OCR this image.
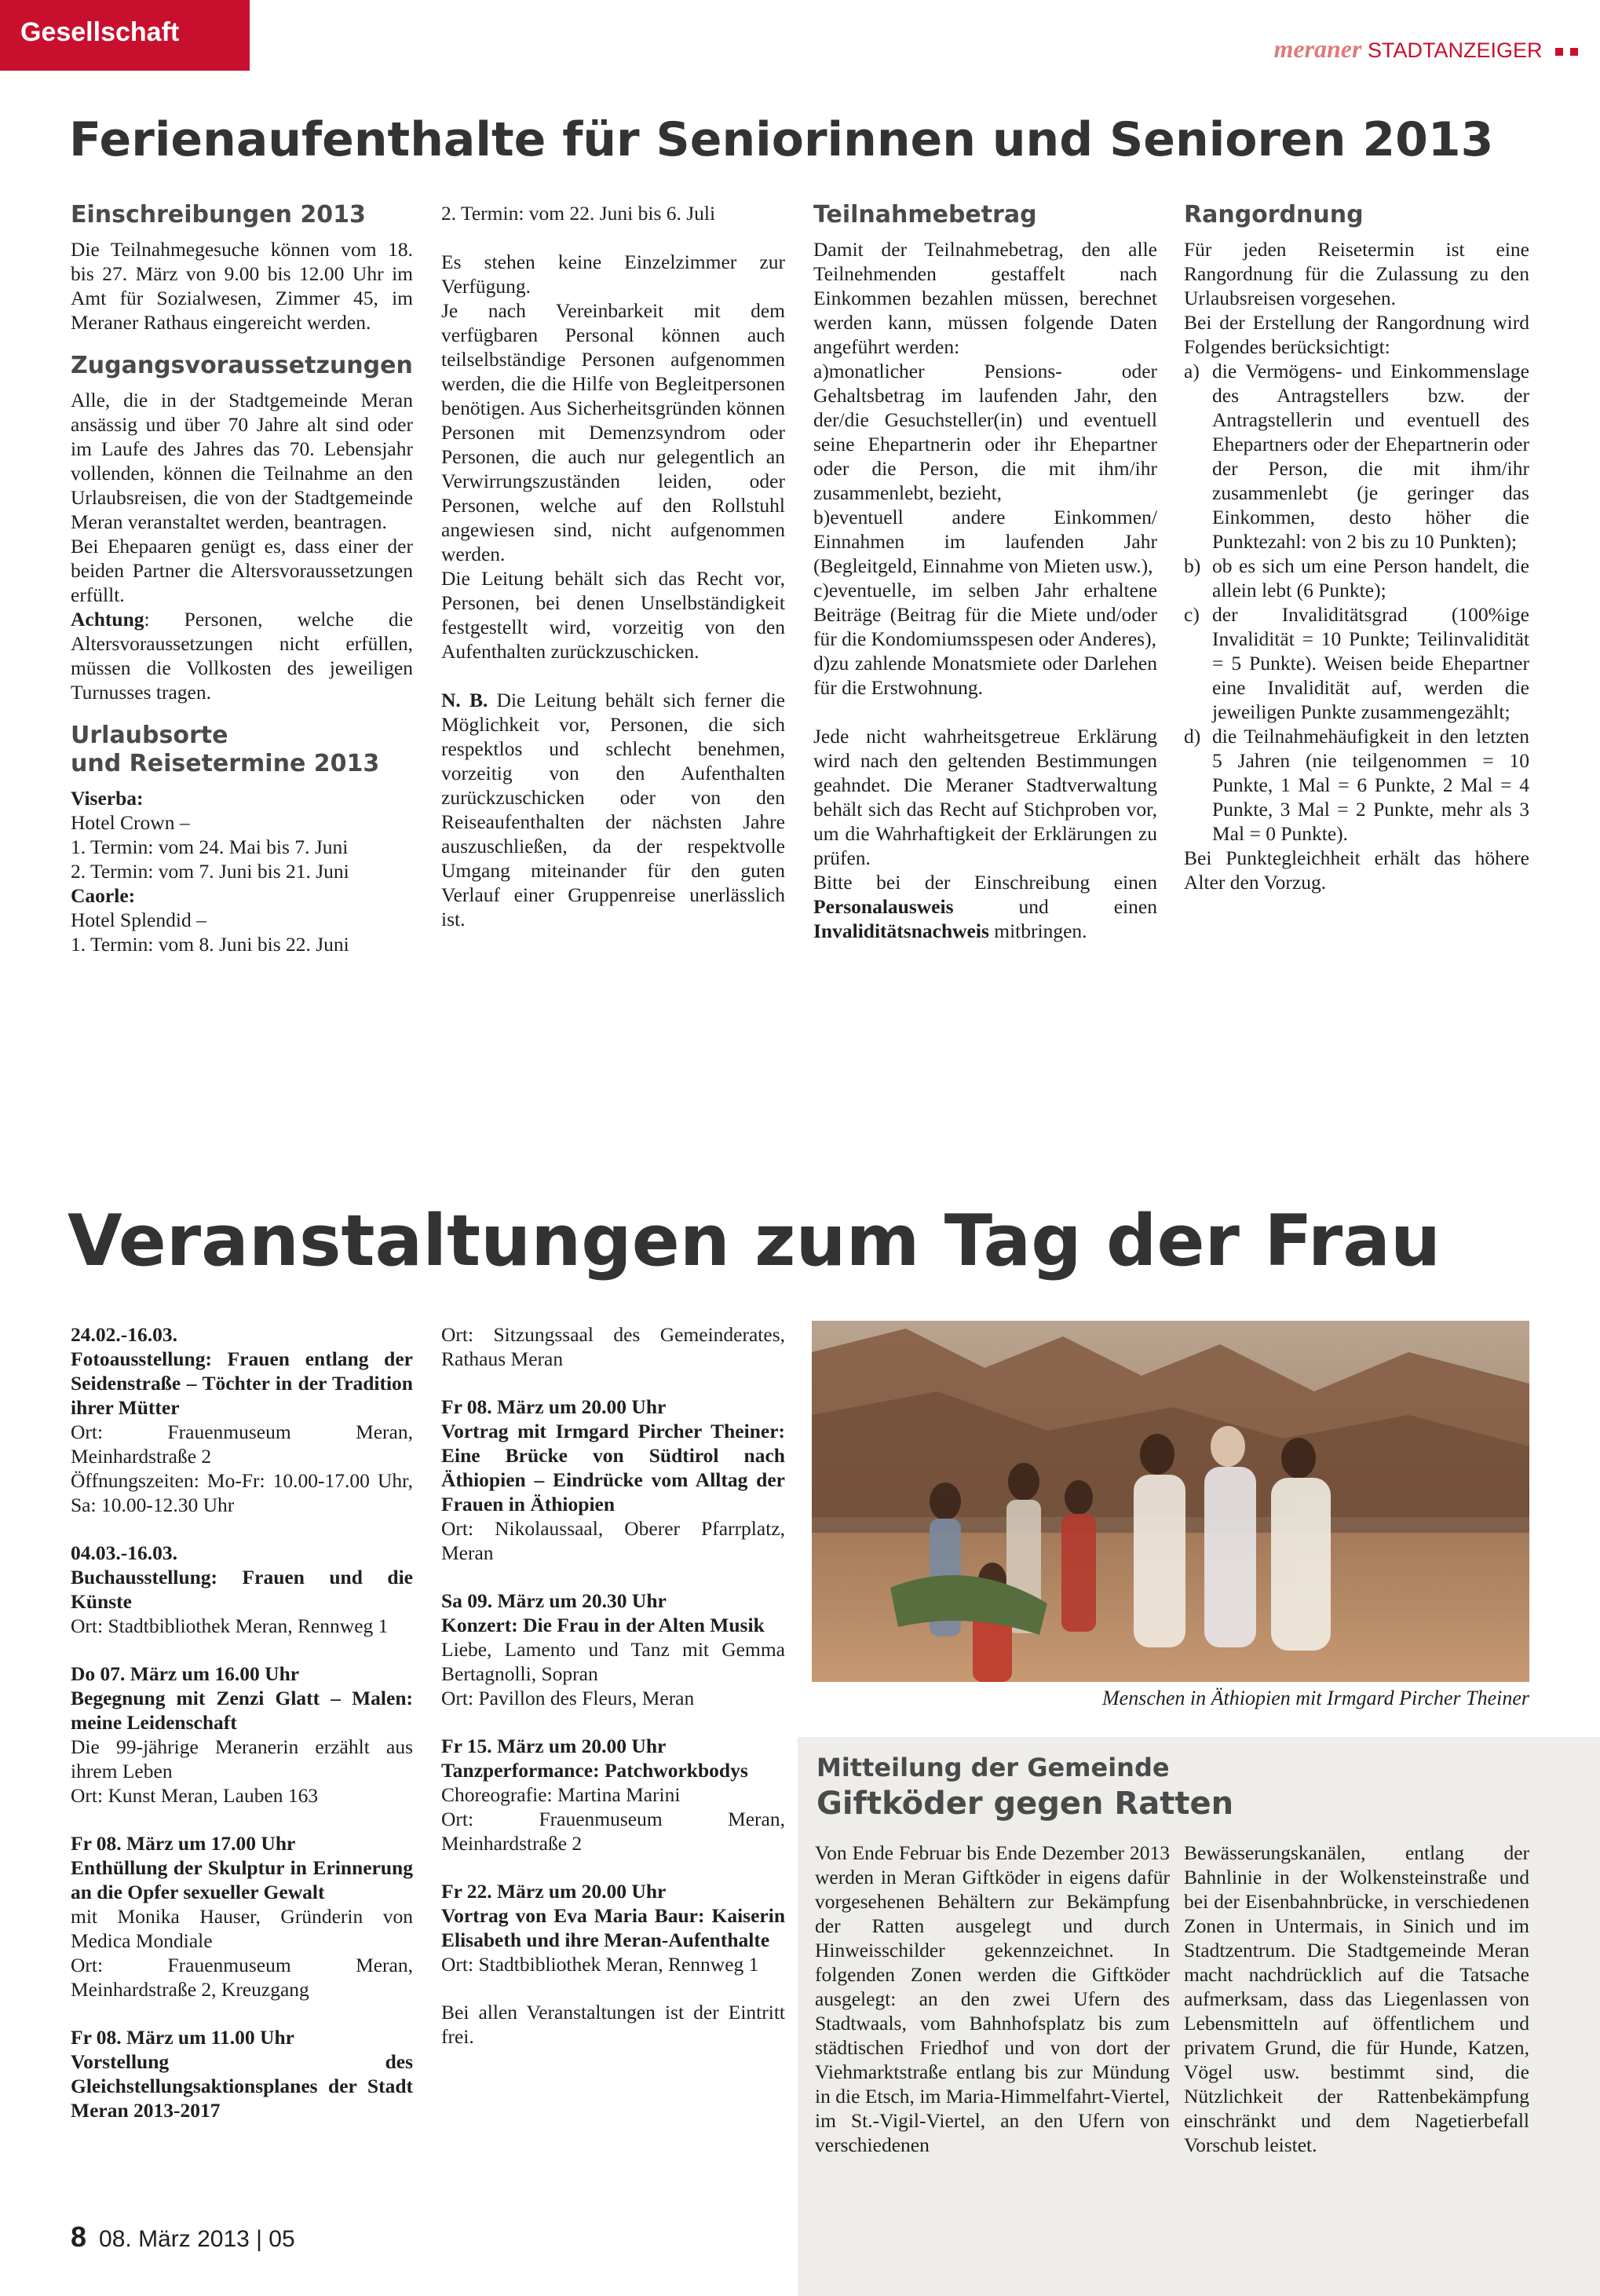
Gesellschaft
meraner STADTANZEIGER
Ferienaufenthalte für Seniorinnen und Senioren 2013
Einschreibungen 2013

Die Teilnahmegesuche können vom 18. bis 27. März von 9.00 bis 12.00 Uhr im Amt für Sozialwesen, Zimmer 45, im Meraner Rathaus eingereicht werden.

Zugangsvoraussetzungen

Alle, die in der Stadtgemeinde Meran ansässig und über 70 Jahre alt sind oder im Laufe des Jahres das 70. Lebensjahr vollenden, können die Teilnahme an den Urlaubsreisen, die von der Stadtgemeinde Meran veranstaltet werden, beantragen.

Bei Ehepaaren genügt es, dass einer der beiden Partner die Altersvoraussetzungen erfüllt.

Achtung: Personen, welche die Altersvoraussetzungen nicht erfüllen, müssen die Vollkosten des jeweiligen Turnusses tragen.

Urlaubsorte
und Reisetermine 2013

Viserba:

Hotel Crown –

1. Termin: vom 24. Mai bis 7. Juni

2. Termin: vom 7. Juni bis 21. Juni

Caorle:

Hotel Splendid –

1. Termin: vom 8. Juni bis 22. Juni

2. Termin: vom 22. Juni bis 6. Juli

Es stehen keine Einzelzimmer zur Verfügung.

Je nach Vereinbarkeit mit dem verfügbaren Personal können auch teilselbständige Personen aufgenommen werden, die die Hilfe von Begleitpersonen benötigen. Aus Sicherheitsgründen können Personen mit Demenzsyndrom oder Personen, die auch nur gelegentlich an Verwirrungszuständen leiden, oder Personen, welche auf den Rollstuhl angewiesen sind, nicht aufgenommen werden.

Die Leitung behält sich das Recht vor, Personen, bei denen Unselbständigkeit festgestellt wird, vorzeitig von den Aufenthalten zurückzuschicken.

N. B. Die Leitung behält sich ferner die Möglichkeit vor, Personen, die sich respektlos und schlecht benehmen, vorzeitig von den Aufenthalten zurückzuschicken oder von den Reiseaufenthalten der nächsten Jahre auszuschließen, da der respektvolle Umgang miteinander für den guten Verlauf einer Gruppenreise unerlässlich ist.

Teilnahmebetrag

Damit der Teilnahmebetrag, den alle Teilnehmenden gestaffelt nach Einkommen bezahlen müssen, berechnet werden kann, müssen folgende Daten angeführt werden:

a)monatlicher Pensions- oder Gehaltsbetrag im laufenden Jahr, den der/die Gesuchsteller(in) und eventuell seine Ehepartnerin oder ihr Ehepartner oder die Person, die mit ihm/ihr zusammenlebt, bezieht,

b)eventuell andere Einkommen/ Einnahmen im laufenden Jahr (Begleitgeld, Einnahme von Mieten usw.),

c)eventuelle, im selben Jahr erhaltene Beiträge (Beitrag für die Miete und/oder für die Kondomiumsspesen oder Anderes),

d)zu zahlende Monatsmiete oder Darlehen für die Erstwohnung.

Jede nicht wahrheitsgetreue Erklärung wird nach den geltenden Bestimmungen geahndet. Die Meraner Stadtverwaltung behält sich das Recht auf Stichproben vor, um die Wahrhaftigkeit der Erklärungen zu prüfen.

Bitte bei der Einschreibung einen Personalausweis und einen Invaliditätsnachweis mitbringen.

Rangordnung

Für jeden Reisetermin ist eine Rangordnung für die Zulassung zu den Urlaubsreisen vorgesehen.

Bei der Erstellung der Rangordnung wird Folgendes berücksichtigt:

a) die Vermögens- und Einkommenslage des Antragstellers bzw. der Antragstellerin und eventuell des Ehepartners oder der Ehepartnerin oder der Person, die mit ihm/ihr zusammenlebt (je geringer das Einkommen, desto höher die Punktezahl: von 2 bis zu 10 Punkten);
b) ob es sich um eine Person handelt, die allein lebt (6 Punkte);
c) der Invaliditätsgrad (100%ige Invalidität = 10 Punkte; Teilinvalidität = 5 Punkte). Weisen beide Ehepartner eine Invalidität auf, werden die jeweiligen Punkte zusammengezählt;
d) die Teilnahmehäufigkeit in den letzten 5 Jahren (nie teilgenommen = 10 Punkte, 1 Mal = 6 Punkte, 2 Mal = 4 Punkte, 3 Mal = 2 Punkte, mehr als 3 Mal = 0 Punkte).

Bei Punktegleichheit erhält das höhere Alter den Vorzug.

Veranstaltungen zum Tag der Frau
24.02.-16.03.
Fotoausstellung: Frauen entlang der Seidenstraße – Töchter in der Tradition ihrer Mütter

Ort: Frauenmuseum Meran, Meinhardstraße 2

Öffnungszeiten: Mo-Fr: 10.00-17.00 Uhr, Sa: 10.00-12.30 Uhr

04.03.-16.03.
Buchausstellung: Frauen und die Künste

Ort: Stadtbibliothek Meran, Rennweg 1

Do 07. März um 16.00 Uhr
Begegnung mit Zenzi Glatt – Malen: meine Leidenschaft

Die 99-jährige Meranerin erzählt aus ihrem Leben

Ort: Kunst Meran, Lauben 163

Fr 08. März um 17.00 Uhr
Enthüllung der Skulptur in Erinnerung an die Opfer sexueller Gewalt

mit Monika Hauser, Gründerin von Medica Mondiale

Ort: Frauenmuseum Meran, Meinhardstraße 2, Kreuzgang

Fr 08. März um 11.00 Uhr
Vorstellung des Gleichstellungsaktionsplanes der Stadt Meran 2013-2017

Ort: Sitzungssaal des Gemeinderates, Rathaus Meran

Fr 08. März um 20.00 Uhr
Vortrag mit Irmgard Pircher Theiner: Eine Brücke von Südtirol nach Äthiopien – Eindrücke vom Alltag der Frauen in Äthiopien

Ort: Nikolaussaal, Oberer Pfarrplatz, Meran

Sa 09. März um 20.30 Uhr
Konzert: Die Frau in der Alten Musik

Liebe, Lamento und Tanz mit Gemma Bertagnolli, Sopran

Ort: Pavillon des Fleurs, Meran

Fr 15. März um 20.00 Uhr
Tanzperformance: Patchworkbodys

Choreografie: Martina Marini

Ort: Frauenmuseum Meran, Meinhardstraße 2

Fr 22. März um 20.00 Uhr
Vortrag von Eva Maria Baur: Kaiserin Elisabeth und ihre Meran-Aufenthalte

Ort: Stadtbibliothek Meran, Rennweg 1

Bei allen Veranstaltungen ist der Eintritt frei.

Menschen in Äthiopien mit Irmgard Pircher Theiner
Mitteilung der Gemeinde
Giftköder gegen Ratten
Von Ende Februar bis Ende Dezember 2013 werden in Meran Giftköder in eigens dafür vorgesehenen Behältern zur Bekämpfung der Ratten ausgelegt und durch Hinweisschilder gekennzeichnet. In folgenden Zonen werden die Giftköder ausgelegt: an den zwei Ufern des Stadtwaals, vom Bahnhofsplatz bis zum städtischen Friedhof und von dort der Viehmarktstraße entlang bis zur Mündung in die Etsch, im Maria-Himmelfahrt-Viertel, im St.-Vigil-Viertel, an den Ufern von verschiedenen
Bewässerungskanälen, entlang der Bahnlinie in der Wolkensteinstraße und bei der Eisenbahnbrücke, in verschiedenen Zonen in Untermais, in Sinich und im Stadtzentrum. Die Stadtgemeinde Meran macht nachdrücklich auf die Tatsache aufmerksam, dass das Liegenlassen von Lebensmitteln auf öffentlichem und privatem Grund, die für Hunde, Katzen, Vögel usw. bestimmt sind, die Nützlichkeit der Rattenbekämpfung einschränkt und dem Nagetierbefall Vorschub leistet.
8 08. März 2013 | 05
